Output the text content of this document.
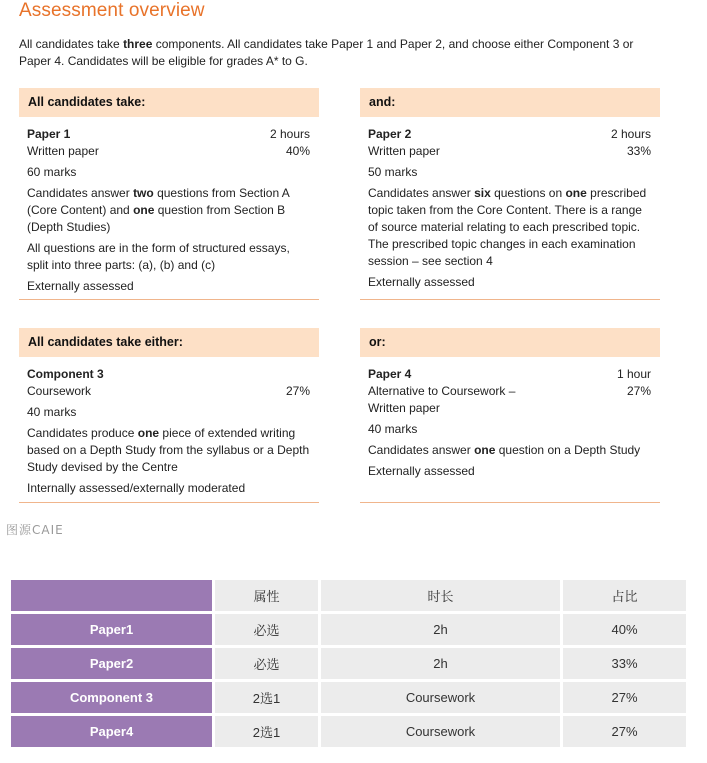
Assessment overview

All candidates take three components. All candidates take Paper 1 and Paper 2, and choose either Component 3 or Paper 4. Candidates will be eligible for grades A* to G.

All candidates take:
Paper 1	2 hours
Written paper	40%
60 marks
Candidates answer two questions from Section A (Core Content) and one question from Section B (Depth Studies)
All questions are in the form of structured essays, split into three parts: (a), (b) and (c)
Externally assessed
and:
Paper 2	2 hours
Written paper	33%
50 marks
Candidates answer six questions on one prescribed topic taken from the Core Content. There is a range of source material relating to each prescribed topic. The prescribed topic changes in each examination session – see section 4
Externally assessed
All candidates take either:
Component 3
Coursework	27%
40 marks
Candidates produce one piece of extended writing based on a Depth Study from the syllabus or a Depth Study devised by the Centre
Internally assessed/externally moderated
or:
Paper 4	1 hour
Alternative to Coursework – Written paper
27%
40 marks
Candidates answer one question on a Depth Study
Externally assessed
图源CAIE
	属性	时长	占比
Paper1	必选	2h	40%
Paper2	必选	2h	33%
Component 3	2选1	Coursework	27%
Paper4	2选1	Coursework	27%
